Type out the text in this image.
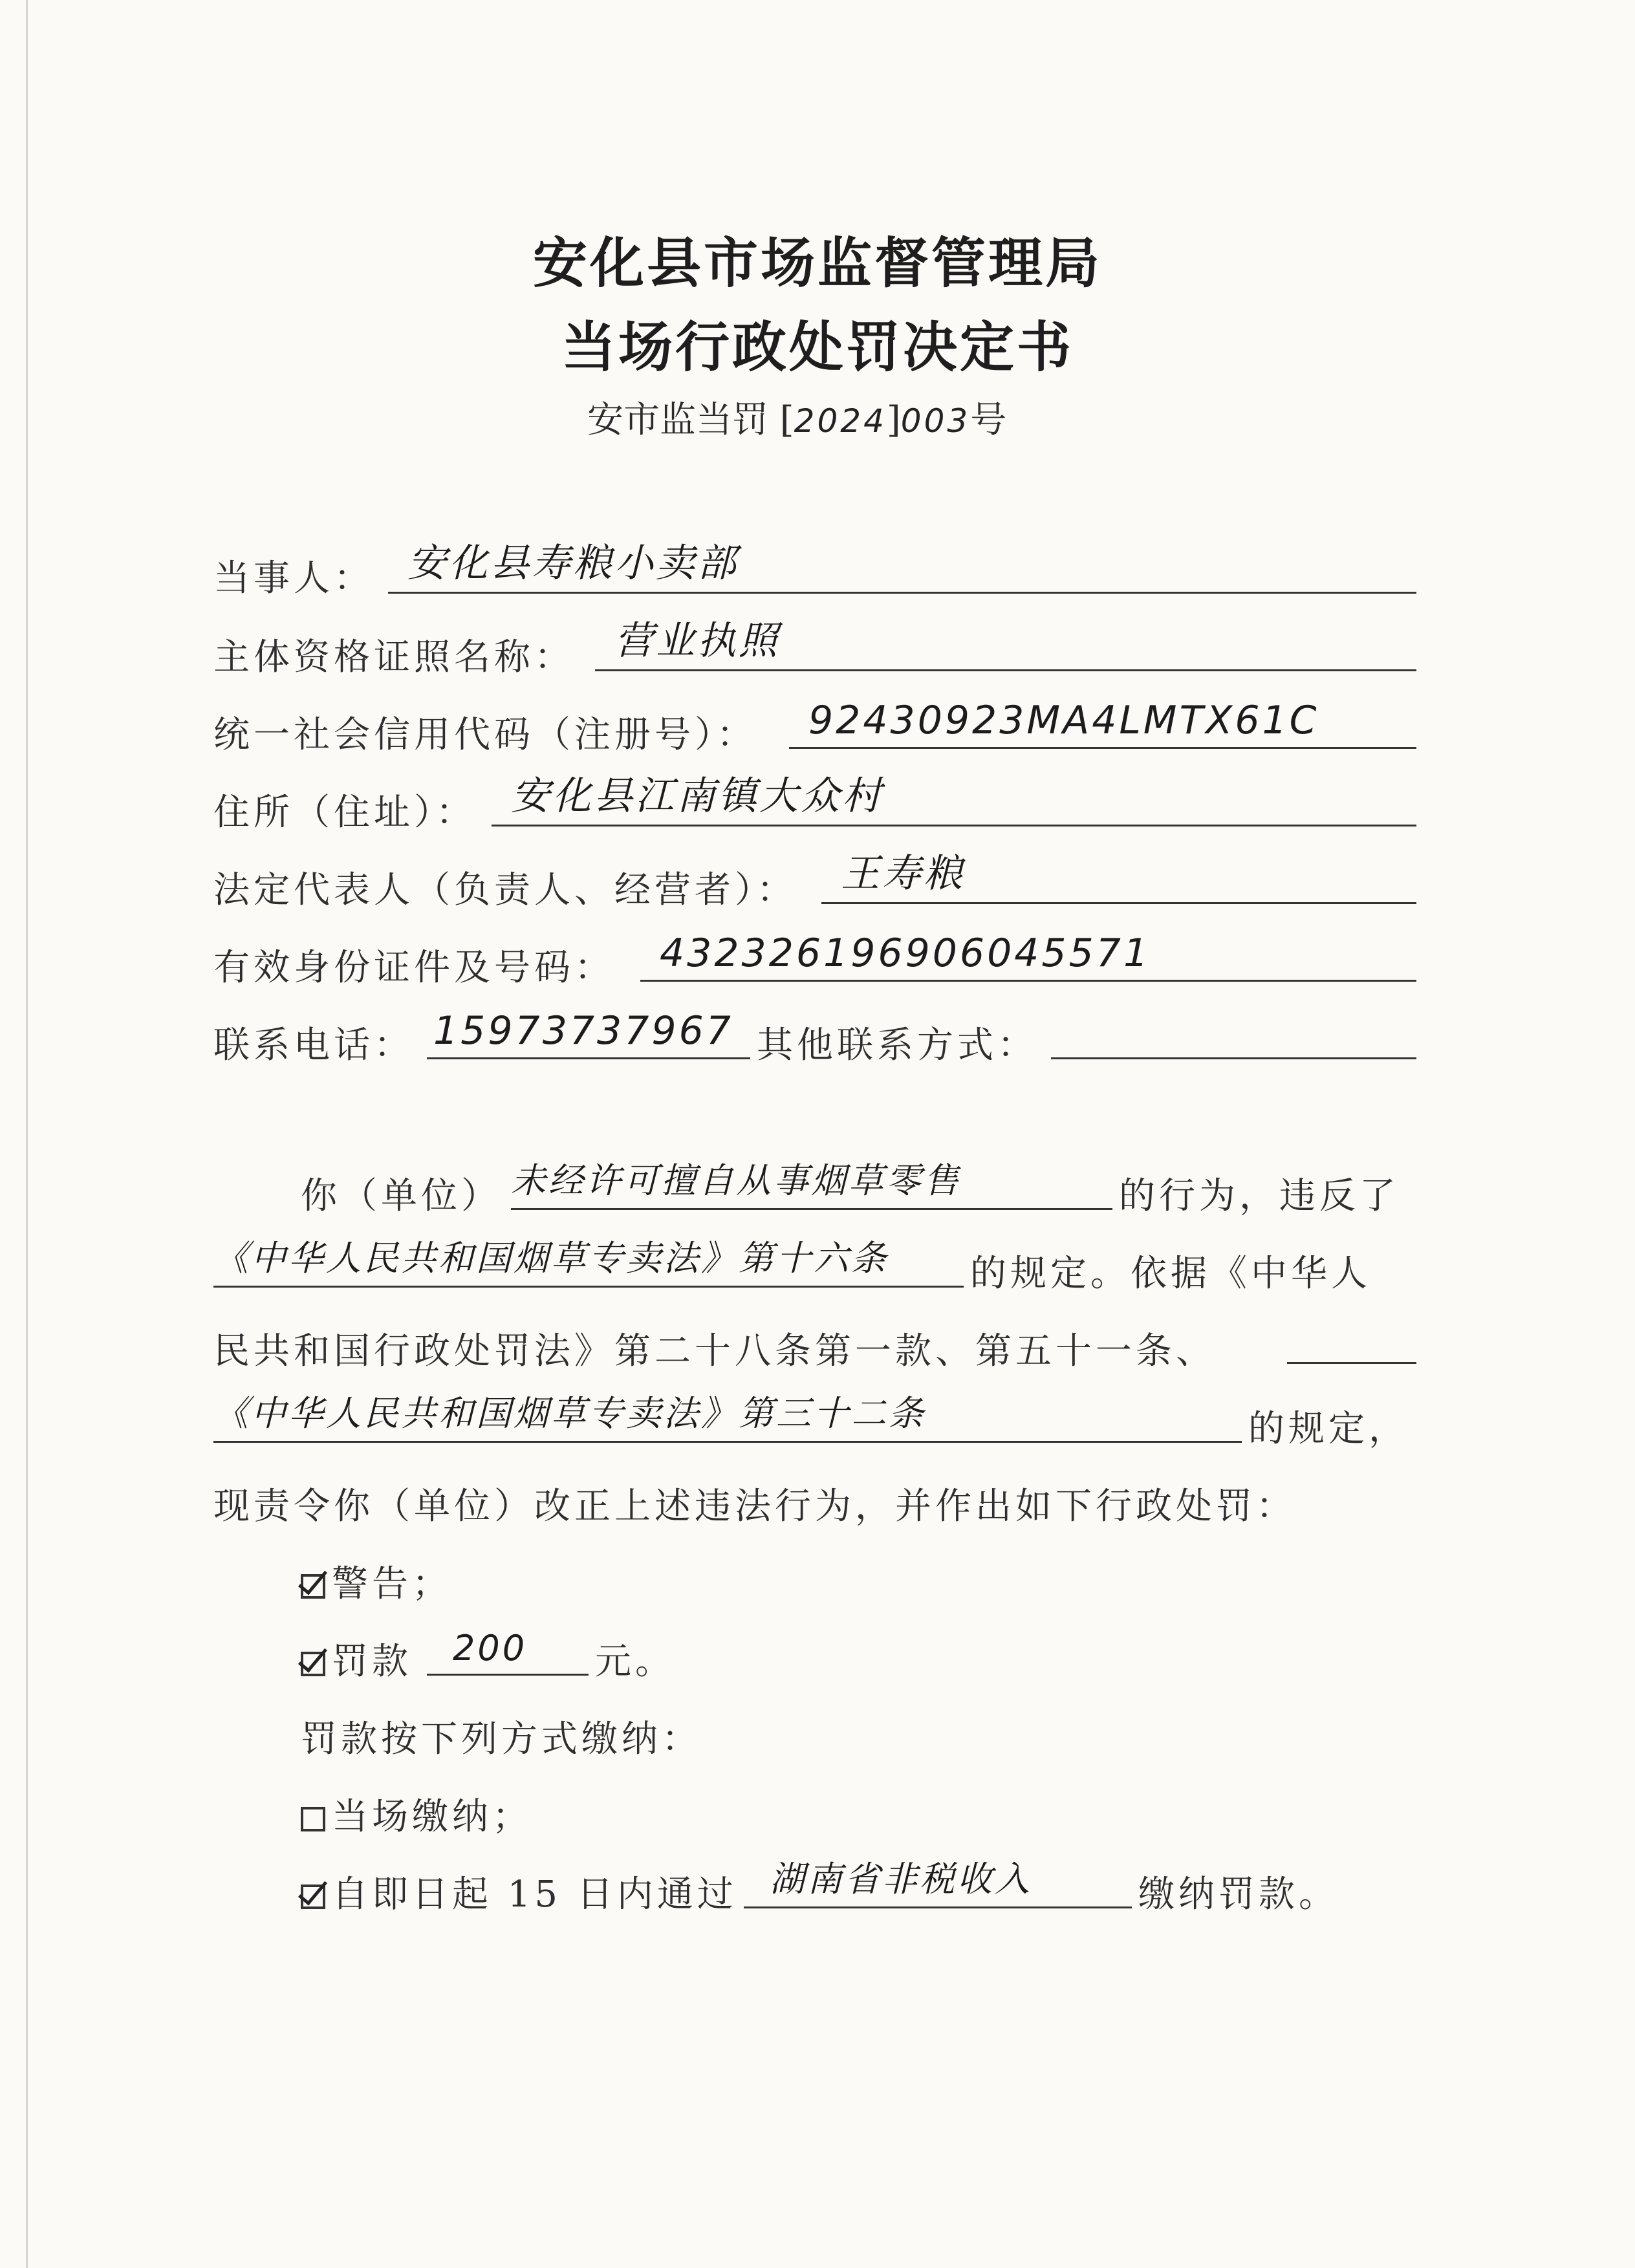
安化县市场监督管理局
当场行政处罚决定书
安市监当罚 [2024]003号
当事人： 安化县寿粮小卖部
主体资格证照名称： 营业执照
统一社会信用代码（注册号）： 92430923MA4LMTX61C
住所（住址）： 安化县江南镇大众村
法定代表人（负责人、经营者）： 王寿粮
有效身份证件及号码： 432326196906045571
联系电话： 15973737967 其他联系方式：
你（单位） 未经许可擅自从事烟草零售	的行为，违反了
《中华人民共和国烟草专卖法》第十六条 的规定。依据《中华人
民共和国行政处罚法》第二十八条第一款、第五十一条、
《中华人民共和国烟草专卖法》第三十二条	的规定，
现责令你（单位）改正上述违法行为，并作出如下行政处罚：
警告；
罚款 200 元。
罚款按下列方式缴纳：
当场缴纳；
自即日起 15 日内通过 湖南省非税收入	缴纳罚款。
